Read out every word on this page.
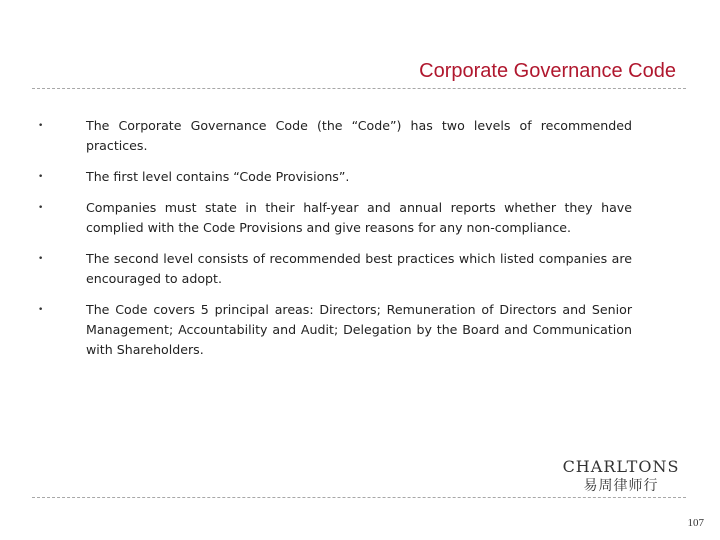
Corporate Governance Code
•	The Corporate Governance Code (the “Code”) has two levels of recommended practices.
•	The first level contains “Code Provisions”.
•	Companies must state in their half-year and annual reports whether they have complied with the Code Provisions and give reasons for any non-compliance.
•	The second level consists of recommended best practices which listed companies are encouraged to adopt.
•	The Code covers 5 principal areas: Directors; Remuneration of Directors and Senior Management; Accountability and Audit; Delegation by the Board and Communication with Shareholders.
CHARLTONS
易周律师行
107
